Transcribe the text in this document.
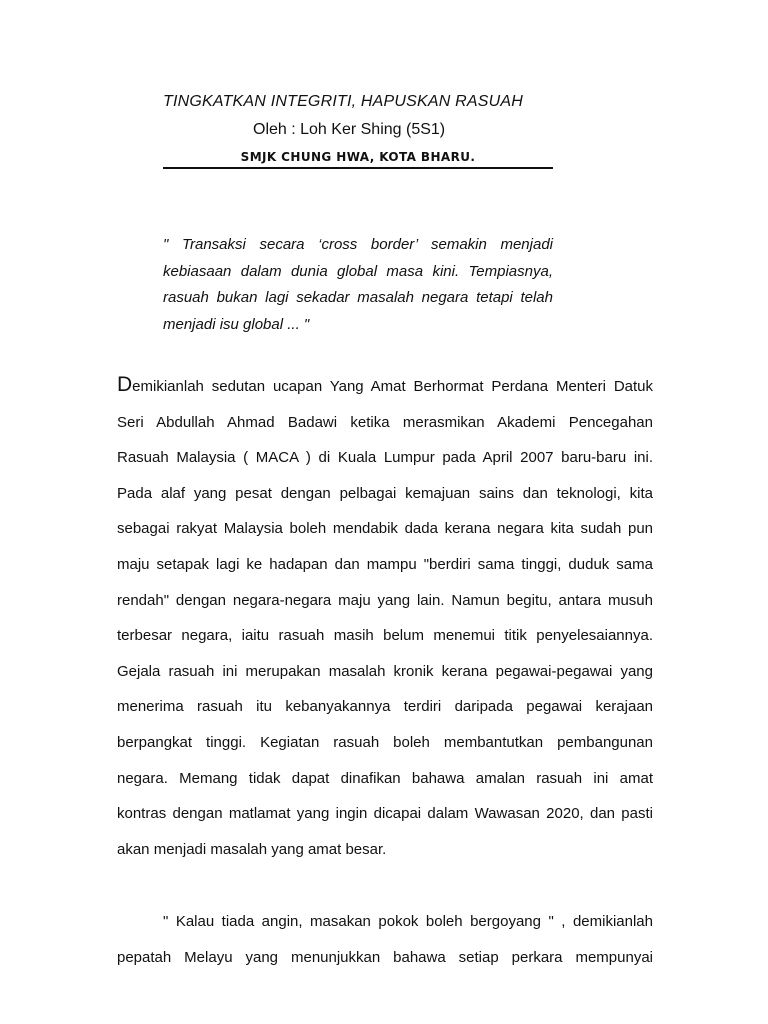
TINGKATKAN INTEGRITI, HAPUSKAN RASUAH
Oleh : Loh Ker Shing (5S1)
SMJK CHUNG HWA, KOTA BHARU.
" Transaksi secara ‘cross border’ semakin menjadi
kebiasaan dalam dunia global masa kini. Tempiasnya,
rasuah bukan lagi sekadar masalah negara tetapi telah
menjadi isu global ... "
Demikianlah sedutan ucapan Yang Amat Berhormat Perdana Menteri Datuk
Seri Abdullah Ahmad Badawi ketika merasmikan Akademi Pencegahan
Rasuah Malaysia ( MACA ) di Kuala Lumpur pada April 2007 baru-baru ini.
Pada alaf yang pesat dengan pelbagai kemajuan sains dan teknologi, kita
sebagai rakyat Malaysia boleh mendabik dada kerana negara kita sudah pun
maju setapak lagi ke hadapan dan mampu "berdiri sama tinggi, duduk sama
rendah" dengan negara-negara maju yang lain. Namun begitu, antara musuh
terbesar negara, iaitu rasuah masih belum menemui titik penyelesaiannya.
Gejala rasuah ini merupakan masalah kronik kerana pegawai-pegawai yang
menerima rasuah itu kebanyakannya terdiri daripada pegawai kerajaan
berpangkat tinggi. Kegiatan rasuah boleh membantutkan pembangunan
negara. Memang tidak dapat dinafikan bahawa amalan rasuah ini amat
kontras dengan matlamat yang ingin dicapai dalam Wawasan 2020, dan pasti
akan menjadi masalah yang amat besar.
" Kalau tiada angin, masakan pokok boleh bergoyang " , demikianlah
pepatah Melayu yang menunjukkan bahawa setiap perkara mempunyai
